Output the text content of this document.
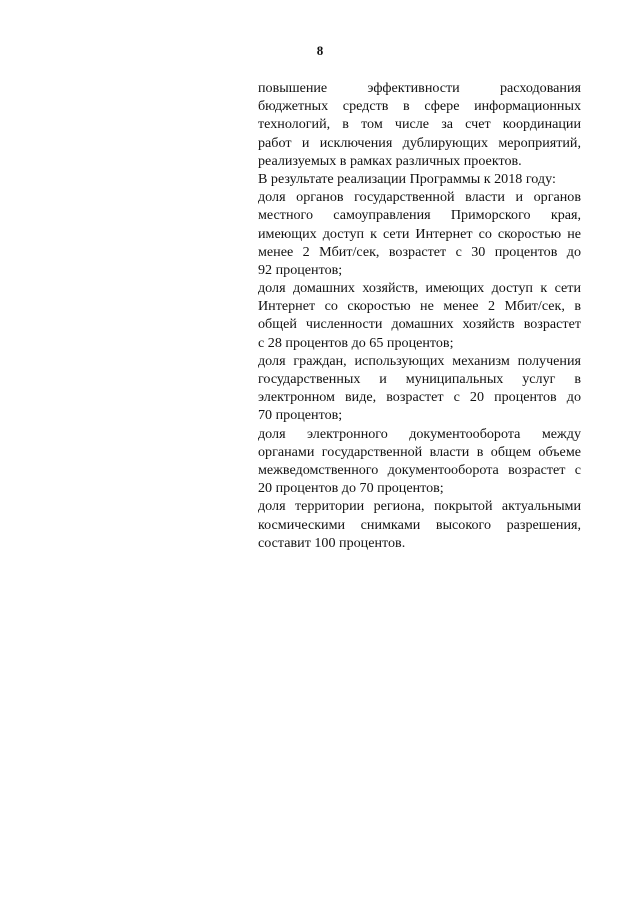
8
повышение эффективности расходования
бюджетных средств в сфере информационных
технологий, в том числе за счет координации
работ и исключения дублирующих мероприятий,
реализуемых в рамках различных проектов.
В результате реализации Программы к 2018 году:
доля органов государственной власти и органов
местного самоуправления Приморского края,
имеющих доступ к сети Интернет со скоростью не
менее 2 Мбит/сек, возрастет с 30 процентов до
92 процентов;
доля домашних хозяйств, имеющих доступ к сети
Интернет со скоростью не менее 2 Мбит/сек, в
общей численности домашних хозяйств возрастет
с 28 процентов до 65 процентов;
доля граждан, использующих механизм получения
государственных и муниципальных услуг в
электронном виде, возрастет с 20 процентов до
70 процентов;
доля электронного документооборота между
органами государственной власти в общем объеме
межведомственного документооборота возрастет с
20 процентов до 70 процентов;
доля территории региона, покрытой актуальными
космическими снимками высокого разрешения,
составит 100 процентов.
